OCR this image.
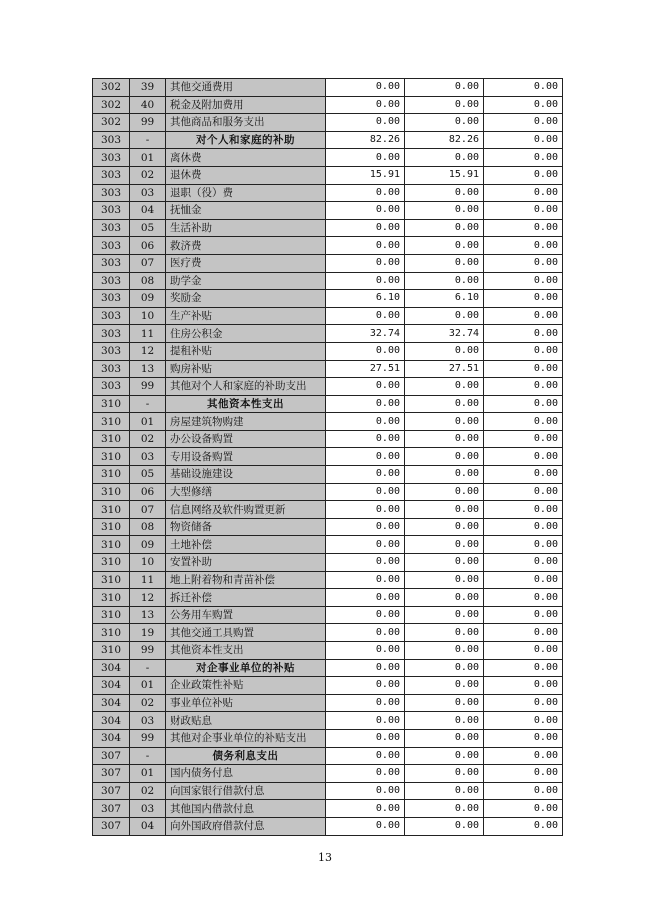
302	39	其他交通费用	0.00	0.00	0.00
302	40	税金及附加费用	0.00	0.00	0.00
302	99	其他商品和服务支出	0.00	0.00	0.00
303	-	对个人和家庭的补助	82.26	82.26	0.00
303	01	离休费	0.00	0.00	0.00
303	02	退休费	15.91	15.91	0.00
303	03	退职（役）费	0.00	0.00	0.00
303	04	抚恤金	0.00	0.00	0.00
303	05	生活补助	0.00	0.00	0.00
303	06	救济费	0.00	0.00	0.00
303	07	医疗费	0.00	0.00	0.00
303	08	助学金	0.00	0.00	0.00
303	09	奖励金	6.10	6.10	0.00
303	10	生产补贴	0.00	0.00	0.00
303	11	住房公积金	32.74	32.74	0.00
303	12	提租补贴	0.00	0.00	0.00
303	13	购房补贴	27.51	27.51	0.00
303	99	其他对个人和家庭的补助支出	0.00	0.00	0.00
310	-	其他资本性支出	0.00	0.00	0.00
310	01	房屋建筑物购建	0.00	0.00	0.00
310	02	办公设备购置	0.00	0.00	0.00
310	03	专用设备购置	0.00	0.00	0.00
310	05	基础设施建设	0.00	0.00	0.00
310	06	大型修缮	0.00	0.00	0.00
310	07	信息网络及软件购置更新	0.00	0.00	0.00
310	08	物资储备	0.00	0.00	0.00
310	09	土地补偿	0.00	0.00	0.00
310	10	安置补助	0.00	0.00	0.00
310	11	地上附着物和青苗补偿	0.00	0.00	0.00
310	12	拆迁补偿	0.00	0.00	0.00
310	13	公务用车购置	0.00	0.00	0.00
310	19	其他交通工具购置	0.00	0.00	0.00
310	99	其他资本性支出	0.00	0.00	0.00
304	-	对企事业单位的补贴	0.00	0.00	0.00
304	01	企业政策性补贴	0.00	0.00	0.00
304	02	事业单位补贴	0.00	0.00	0.00
304	03	财政贴息	0.00	0.00	0.00
304	99	其他对企事业单位的补贴支出	0.00	0.00	0.00
307	-	债务利息支出	0.00	0.00	0.00
307	01	国内债务付息	0.00	0.00	0.00
307	02	向国家银行借款付息	0.00	0.00	0.00
307	03	其他国内借款付息	0.00	0.00	0.00
307	04	向外国政府借款付息	0.00	0.00	0.00
13
